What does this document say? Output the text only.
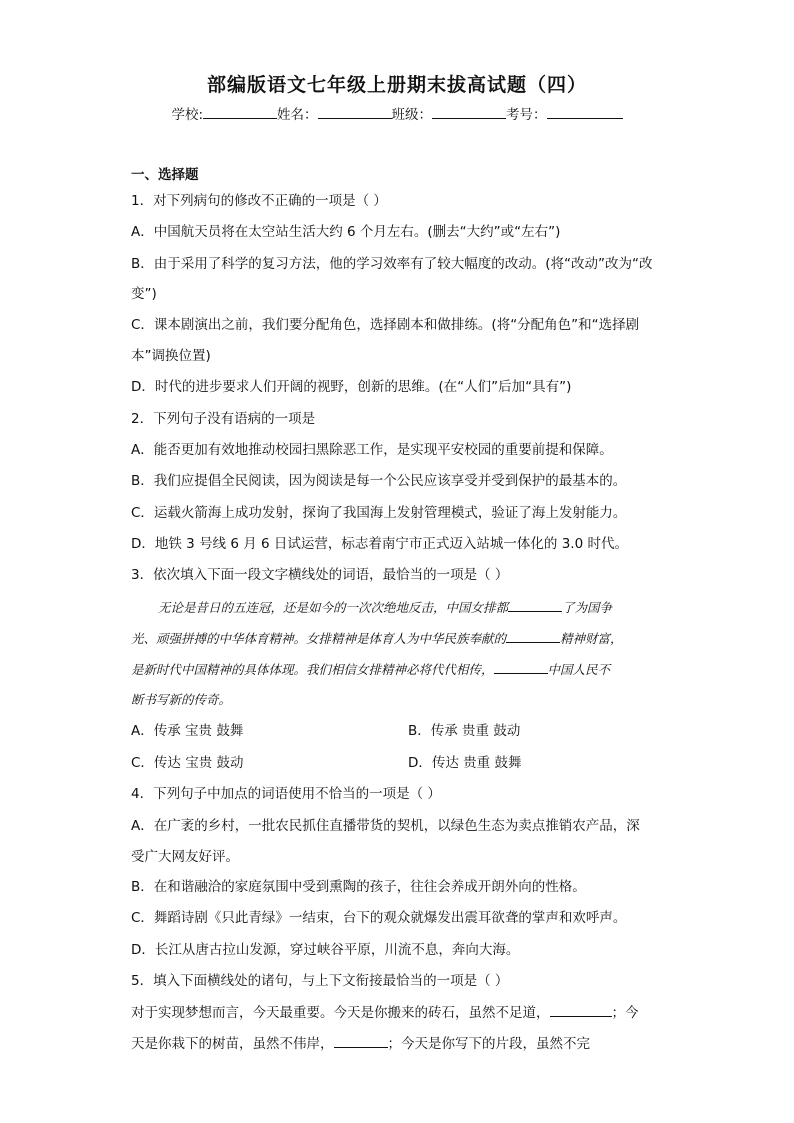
部编版语文七年级上册期末拔高试题（四）
学校:	姓名：	班级：	考号：
一、选择题
1．对下列病句的修改不正确的一项是（ ）
A．中国航天员将在太空站生活大约 6 个月左右。(删去“大约”或“左右”)
B．由于采用了科学的复习方法，他的学习效率有了较大幅度的改动。(将“改动”改为“改
变”)
C．课本剧演出之前，我们要分配角色，选择剧本和做排练。(将“分配角色”和“选择剧
本”调换位置)
D．时代的进步要求人们开阔的视野，创新的思维。(在“人们”后加“具有”)
2．下列句子没有语病的一项是
A．能否更加有效地推动校园扫黑除恶工作，是实现平安校园的重要前提和保障。
B．我们应提倡全民阅读，因为阅读是每一个公民应该享受并受到保护的最基本的。
C．运载火箭海上成功发射，探询了我国海上发射管理模式，验证了海上发射能力。
D．地铁 3 号线 6 月 6 日试运营，标志着南宁市正式迈入站城一体化的 3.0 时代。
3．依次填入下面一段文字横线处的词语，最恰当的一项是（ ）
无论是昔日的五连冠，还是如今的一次次绝地反击，中国女排都	了为国争
光、顽强拼搏的中华体育精神。女排精神是体育人为中华民族奉献的	精神财富，
是新时代中国精神的具体体现。我们相信女排精神必将代代相传，	中国人民不
断书写新的传奇。
A．传承 宝贵 鼓舞	B．传承 贵重 鼓动
C．传达 宝贵 鼓动	D．传达 贵重 鼓舞
4．下列句子中加点的词语使用不恰当的一项是（ ）
A．在广袤的乡村，一批农民抓住直播带货的契机，以绿色生态为卖点推销农产品，深
受广大网友好评。
B．在和谐融洽的家庭氛围中受到熏陶的孩子，往往会养成开朗外向的性格。
C．舞蹈诗剧《只此青绿》一结束，台下的观众就爆发出震耳欲聋的掌声和欢呼声。
D．长江从唐古拉山发源，穿过峡谷平原，川流不息，奔向大海。
5．填入下面横线处的诸句，与上下文衔接最恰当的一项是（ ）
对于实现梦想而言，今天最重要。今天是你搬来的砖石，虽然不足道，	；今
天是你栽下的树苗，虽然不伟岸，	；今天是你写下的片段，虽然不完
